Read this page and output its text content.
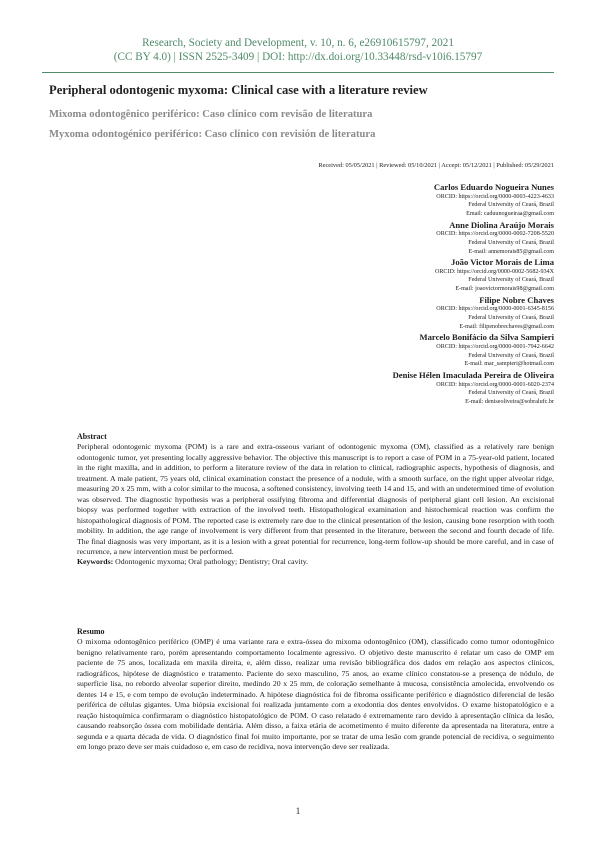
Research, Society and Development, v. 10, n. 6, e26910615797, 2021
(CC BY 4.0) | ISSN 2525-3409 | DOI: http://dx.doi.org/10.33448/rsd-v10i6.15797
Peripheral odontogenic myxoma: Clinical case with a literature review
Mixoma odontogênico periférico: Caso clínico com revisão de literatura
Myxoma odontogénico periférico: Caso clínico con revisión de literatura
Received: 05/05/2021 | Reviewed: 05/10/2021 | Accept: 05/12/2021 | Published: 05/29/2021
Carlos Eduardo Nogueira Nunes
ORCID: https://orcid.org/0000-0003-4223-4633
Federal University of Ceará, Brazil
Email: caduunogueiraa@gmail.com
Anne Diolina Araújo Morais
ORCID: https://orcid.org/0000-0002-7208-5520
Federal University of Ceará, Brazil
E-mail: annemorais85@gmail.com
João Victor Morais de Lima
ORCID: https://orcid.org/0000-0002-5682-934X
Federal University of Ceará, Brazil
E-mail: joaovictormorais98@gmail.com
Filipe Nobre Chaves
ORCID: https://orcid.org/0000-0001-6345-8156
Federal University of Ceará, Brazil
E-mail: filipenobrechaves@gmail.com
Marcelo Bonifácio da Silva Sampieri
ORCID: https://orcid.org/0000-0001-7942-6642
Federal University of Ceará, Brazil
E-mail: mar_sampieri@hotmail.com
Denise Hélen Imaculada Pereira de Oliveira
ORCID: https://orcid.org/0000-0001-6020-2374
Federal University of Ceará, Brazil
E-mail: deniseoliveira@sobralufc.br
Abstract
Peripheral odontogenic myxoma (POM) is a rare and extra-osseous variant of odontogenic myxoma (OM), classified as a relatively rare benign odontogenic tumor, yet presenting locally aggressive behavior. The objective this manuscript is to report a case of POM in a 75-year-old patient, located in the right maxilla, and in addition, to perform a literature review of the data in relation to clinical, radiographic aspects, hypothesis of diagnosis, and treatment. A male patient, 75 years old, clinical examination constact the presence of a nodule, with a smooth surface, on the right upper alveolar ridge, measuring 20 x 25 mm, with a color similar to the mucosa, a softened consistency, involving teeth 14 and 15, and with an undetermined time of evolution was observed. The diagnostic hypothesis was a peripheral ossifying fibroma and differential diagnosis of peripheral giant cell lesion. An excisional biopsy was performed together with extraction of the involved teeth. Histopathological examination and histochemical reaction was confirm the histopathological diagnosis of POM. The reported case is extremely rare due to the clinical presentation of the lesion, causing bone resorption with tooth mobility. In addition, the age range of involvement is very different from that presented in the literature, between the second and fourth decade of life. The final diagnosis was very important, as it is a lesion with a great potential for recurrence, long-term follow-up should be more careful, and in case of recurrence, a new intervention must be performed.
Keywords: Odontogenic myxoma; Oral pathology; Dentistry; Oral cavity.
Resumo
O mixoma odontogênico periférico (OMP) é uma variante rara e extra-óssea do mixoma odontogênico (OM), classificado como tumor odontogênico benigno relativamente raro, porém apresentando comportamento localmente agressivo. O objetivo deste manuscrito é relatar um caso de OMP em paciente de 75 anos, localizada em maxila direita, e, além disso, realizar uma revisão bibliográfica dos dados em relação aos aspectos clínicos, radiográficos, hipótese de diagnóstico e tratamento. Paciente do sexo masculino, 75 anos, ao exame clínico constatou-se a presença de nódulo, de superfície lisa, no rebordo alveolar superior direito, medindo 20 x 25 mm, de coloração semelhante à mucosa, consistência amolecida, envolvendo os dentes 14 e 15, e com tempo de evolução indeterminado. A hipótese diagnóstica foi de fibroma ossificante periférico e diagnóstico diferencial de lesão periférica de células gigantes. Uma biópsia excisional foi realizada juntamente com a exodontia dos dentes envolvidos. O exame histopatológico e a reação histoquímica confirmaram o diagnóstico histopatológico de POM. O caso relatado é extremamente raro devido à apresentação clínica da lesão, causando reabsorção óssea com mobilidade dentária. Além disso, a faixa etária de acometimento é muito diferente da apresentada na literatura, entre a segunda e a quarta década de vida. O diagnóstico final foi muito importante, por se tratar de uma lesão com grande potencial de recidiva, o seguimento em longo prazo deve ser mais cuidadoso e, em caso de recidiva, nova intervenção deve ser realizada.
1
